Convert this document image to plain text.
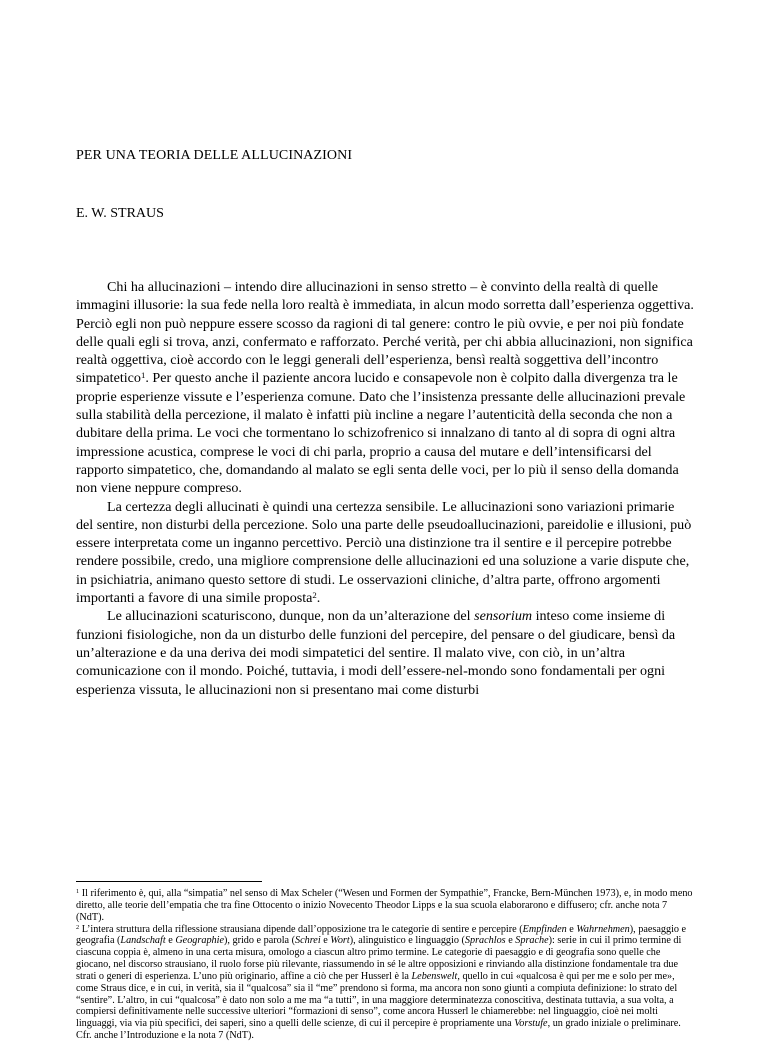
PER UNA TEORIA DELLE ALLUCINAZIONI
E. W. STRAUS

Chi ha allucinazioni – intendo dire allucinazioni in senso stretto – è convinto della realtà di quelle immagini illusorie: la sua fede nella loro realtà è immediata, in alcun modo sorretta dall’esperienza oggettiva. Perciò egli non può neppure essere scosso da ragioni di tal genere: contro le più ovvie, e per noi più fondate delle quali egli si trova, anzi, confermato e rafforzato. Perché verità, per chi abbia allucinazioni, non significa realtà oggettiva, cioè accordo con le leggi generali dell’esperienza, bensì realtà soggettiva dell’incontro simpatetico$^1$. Per questo anche il paziente ancora lucido e consapevole non è colpito dalla divergenza tra le proprie esperienze vissute e l’esperienza comune. Dato che l’insistenza pressante delle allucinazioni prevale sulla stabilità della percezione, il malato è infatti più incline a negare l’autenticità della seconda che non a dubitare della prima. Le voci che tormentano lo schizofrenico si innalzano di tanto al di sopra di ogni altra impressione acustica, comprese le voci di chi parla, proprio a causa del mutare e dell’intensificarsi del rapporto simpatetico, che, domandando al malato se egli senta delle voci, per lo più il senso della domanda non viene neppure compreso.

La certezza degli allucinati è quindi una certezza sensibile. Le allucinazioni sono variazioni primarie del sentire, non disturbi della percezione. Solo una parte delle pseudoallucinazioni, pareidolie e illusioni, può essere interpretata come un inganno percettivo. Perciò una distinzione tra il sentire e il percepire potrebbe rendere possibile, credo, una migliore comprensione delle allucinazioni ed una soluzione a varie dispute che, in psichiatria, animano questo settore di studi. Le osservazioni cliniche, d’altra parte, offrono argomenti importanti a favore di una simile proposta$^2$.

Le allucinazioni scaturiscono, dunque, non da un’alterazione del sensorium inteso come insieme di funzioni fisiologiche, non da un disturbo delle funzioni del percepire, del pensare o del giudicare, bensì da un’alterazione e da una deriva dei modi simpatetici del sentire. Il malato vive, con ciò, in un’altra comunicazione con il mondo. Poiché, tuttavia, i modi dell’essere-nel-mondo sono fondamentali per ogni esperienza vissuta, le allucinazioni non si presentano mai come disturbi

$^1$ Il riferimento è, qui, alla “simpatia” nel senso di Max Scheler (“Wesen und Formen der Sympathie”, Francke, Bern-München 1973), e, in modo meno diretto, alle teorie dell’empatia che tra fine Ottocento o inizio Novecento Theodor Lipps e la sua scuola elaborarono e diffusero; cfr. anche nota 7 (NdT).

$^2$ L’intera struttura della riflessione strausiana dipende dall’opposizione tra le categorie di sentire e percepire (Empfinden e Wahrnehmen), paesaggio e geografia (Landschaft e Geographie), grido e parola (Schrei e Wort), alinguistico e linguaggio (Sprachlos e Sprache): serie in cui il primo termine di ciascuna coppia è, almeno in una certa misura, omologo a ciascun altro primo termine. Le categorie di paesaggio e di geografia sono quelle che giocano, nel discorso strausiano, il ruolo forse più rilevante, riassumendo in sé le altre opposizioni e rinviando alla distinzione fondamentale tra due strati o generi di esperienza. L’uno più originario, affine a ciò che per Husserl è la Lebenswelt, quello in cui «qualcosa è qui per me e solo per me», come Straus dice, e in cui, in verità, sia il “qualcosa” sia il “me” prendono sì forma, ma ancora non sono giunti a compiuta definizione: lo strato del “sentire”. L’altro, in cui “qualcosa” è dato non solo a me ma “a tutti”, in una maggiore determinatezza conoscitiva, destinata tuttavia, a sua volta, a compiersi definitivamente nelle successive ulteriori “formazioni di senso”, come ancora Husserl le chiamerebbe: nel linguaggio, cioè nei molti linguaggi, via via più specifici, dei saperi, sino a quelli delle scienze, di cui il percepire è propriamente una Vorstufe, un grado iniziale o preliminare. Cfr. anche l’Introduzione e la nota 7 (NdT).
